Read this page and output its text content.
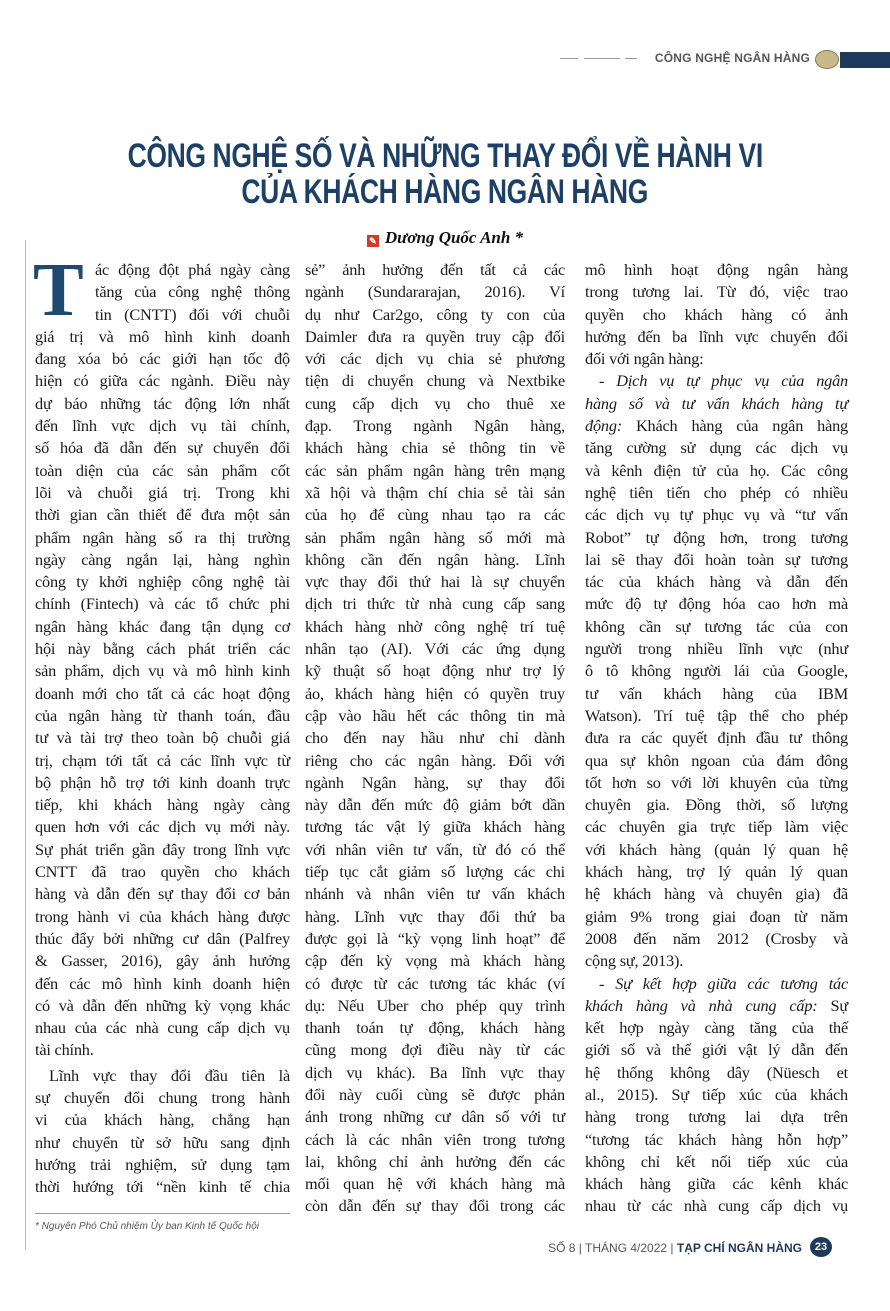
CÔNG NGHỆ NGÂN HÀNG
CÔNG NGHỆ SỐ VÀ NHỮNG THAY ĐỔI VỀ HÀNH VI
CỦA KHÁCH HÀNG NGÂN HÀNG
✎ Dương Quốc Anh *
T ác động đột phá ngày càng
tăng của công nghệ thông
tin (CNTT) đối với chuỗi
giá trị và mô hình kinh doanh
đang xóa bỏ các giới hạn tốc độ
hiện có giữa các ngành. Điều này
dự báo những tác động lớn nhất
đến lĩnh vực dịch vụ tài chính,
số hóa đã dẫn đến sự chuyển đổi
toàn diện của các sản phẩm cốt
lõi và chuỗi giá trị. Trong khi
thời gian cần thiết để đưa một sản
phẩm ngân hàng số ra thị trường
ngày càng ngắn lại, hàng nghìn
công ty khởi nghiệp công nghệ tài
chính (Fintech) và các tổ chức phi
ngân hàng khác đang tận dụng cơ
hội này bằng cách phát triển các
sản phẩm, dịch vụ và mô hình kinh
doanh mới cho tất cả các hoạt động
của ngân hàng từ thanh toán, đầu
tư và tài trợ theo toàn bộ chuỗi giá
trị, chạm tới tất cả các lĩnh vực từ
bộ phận hỗ trợ tới kinh doanh trực
tiếp, khi khách hàng ngày càng
quen hơn với các dịch vụ mới này.
Sự phát triển gần đây trong lĩnh vực
CNTT đã trao quyền cho khách
hàng và dẫn đến sự thay đổi cơ bản
trong hành vi của khách hàng được
thúc đẩy bởi những cư dân (Palfrey
& Gasser, 2016), gây ảnh hưởng
đến các mô hình kinh doanh hiện
có và dẫn đến những kỳ vọng khác
nhau của các nhà cung cấp dịch vụ
tài chính.
Lĩnh vực thay đổi đầu tiên là
sự chuyển đổi chung trong hành
vi của khách hàng, chẳng hạn
như chuyển từ sở hữu sang định
hướng trải nghiệm, sử dụng tạm
thời hướng tới “nền kinh tế chia
sẻ” ảnh hưởng đến tất cả các
ngành (Sundararajan, 2016). Ví
dụ như Car2go, công ty con của
Daimler đưa ra quyền truy cập đối
với các dịch vụ chia sẻ phương
tiện di chuyển chung và Nextbike
cung cấp dịch vụ cho thuê xe
đạp. Trong ngành Ngân hàng,
khách hàng chia sẻ thông tin về
các sản phẩm ngân hàng trên mạng
xã hội và thậm chí chia sẻ tài sản
của họ để cùng nhau tạo ra các
sản phẩm ngân hàng số mới mà
không cần đến ngân hàng. Lĩnh
vực thay đổi thứ hai là sự chuyển
dịch tri thức từ nhà cung cấp sang
khách hàng nhờ công nghệ trí tuệ
nhân tạo (AI). Với các ứng dụng
kỹ thuật số hoạt động như trợ lý
ảo, khách hàng hiện có quyền truy
cập vào hầu hết các thông tin mà
cho đến nay hầu như chỉ dành
riêng cho các ngân hàng. Đối với
ngành Ngân hàng, sự thay đổi
này dẫn đến mức độ giảm bớt dần
tương tác vật lý giữa khách hàng
với nhân viên tư vấn, từ đó có thể
tiếp tục cắt giảm số lượng các chi
nhánh và nhân viên tư vấn khách
hàng. Lĩnh vực thay đổi thứ ba
được gọi là “kỳ vọng linh hoạt” để
cập đến kỳ vọng mà khách hàng
có được từ các tương tác khác (ví
dụ: Nếu Uber cho phép quy trình
thanh toán tự động, khách hàng
cũng mong đợi điều này từ các
dịch vụ khác). Ba lĩnh vực thay
đổi này cuối cùng sẽ được phản
ánh trong những cư dân số với tư
cách là các nhân viên trong tương
lai, không chỉ ảnh hưởng đến các
mối quan hệ với khách hàng mà
còn dẫn đến sự thay đổi trong các
mô hình hoạt động ngân hàng
trong tương lai. Từ đó, việc trao
quyền cho khách hàng có ảnh
hưởng đến ba lĩnh vực chuyển đổi
đối với ngân hàng:
- Dịch vụ tự phục vụ của ngân
hàng số và tư vấn khách hàng tự
động: Khách hàng của ngân hàng
tăng cường sử dụng các dịch vụ
và kênh điện tử của họ. Các công
nghệ tiên tiến cho phép có nhiều
các dịch vụ tự phục vụ và “tư vấn
Robot” tự động hơn, trong tương
lai sẽ thay đổi hoàn toàn sự tương
tác của khách hàng và dẫn đến
mức độ tự động hóa cao hơn mà
không cần sự tương tác của con
người trong nhiều lĩnh vực (như
ô tô không người lái của Google,
tư vấn khách hàng của IBM
Watson). Trí tuệ tập thể cho phép
đưa ra các quyết định đầu tư thông
qua sự khôn ngoan của đám đông
tốt hơn so với lời khuyên của từng
chuyên gia. Đồng thời, số lượng
các chuyên gia trực tiếp làm việc
với khách hàng (quản lý quan hệ
khách hàng, trợ lý quản lý quan
hệ khách hàng và chuyên gia) đã
giảm 9% trong giai đoạn từ năm
2008 đến năm 2012 (Crosby và
cộng sự, 2013).
- Sự kết hợp giữa các tương tác
khách hàng và nhà cung cấp: Sự
kết hợp ngày càng tăng của thế
giới số và thế giới vật lý dẫn đến
hệ thống không dây (Nüesch et
al., 2015). Sự tiếp xúc của khách
hàng trong tương lai dựa trên
“tương tác khách hàng hỗn hợp”
không chỉ kết nối tiếp xúc của
khách hàng giữa các kênh khác
nhau từ các nhà cung cấp dịch vụ
* Nguyên Phó Chủ nhiệm Ủy ban Kinh tế Quốc hội
SỐ 8 | THÁNG 4/2022 | TẠP CHÍ NGÂN HÀNG	23
